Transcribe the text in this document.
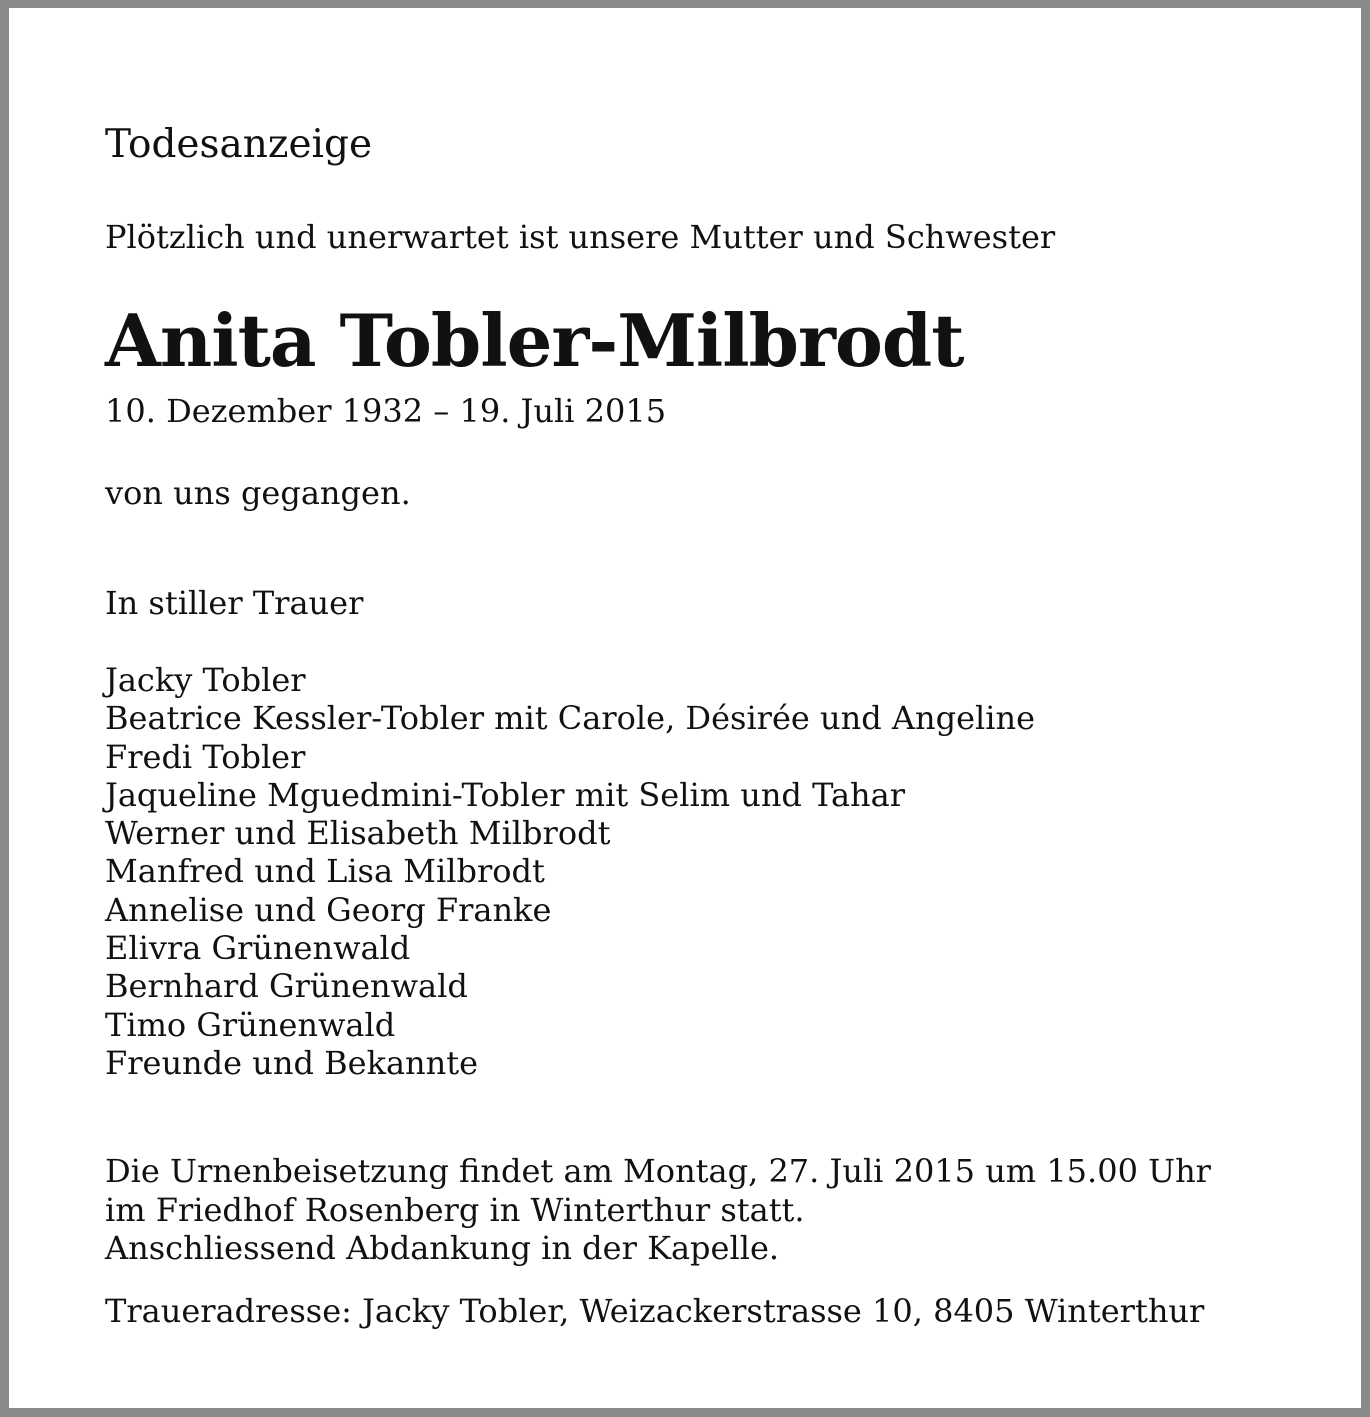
Todesanzeige

Plötzlich und unerwartet ist unsere Mutter und Schwester

Anita Tobler-Milbrodt

10. Dezember 1932 – 19. Juli 2015

von uns gegangen.

In stiller Trauer

Jacky Tobler
Beatrice Kessler-Tobler mit Carole, Désirée und Angeline
Fredi Tobler
Jaqueline Mguedmini-Tobler mit Selim und Tahar
Werner und Elisabeth Milbrodt
Manfred und Lisa Milbrodt
Annelise und Georg Franke
Elivra Grünenwald
Bernhard Grünenwald
Timo Grünenwald
Freunde und Bekannte
Die Urnenbeisetzung findet am Montag, 27. Juli 2015 um 15.00 Uhr
im Friedhof Rosenberg in Winterthur statt.
Anschliessend Abdankung in der Kapelle.

Traueradresse: Jacky Tobler, Weizackerstrasse 10, 8405 Winterthur
